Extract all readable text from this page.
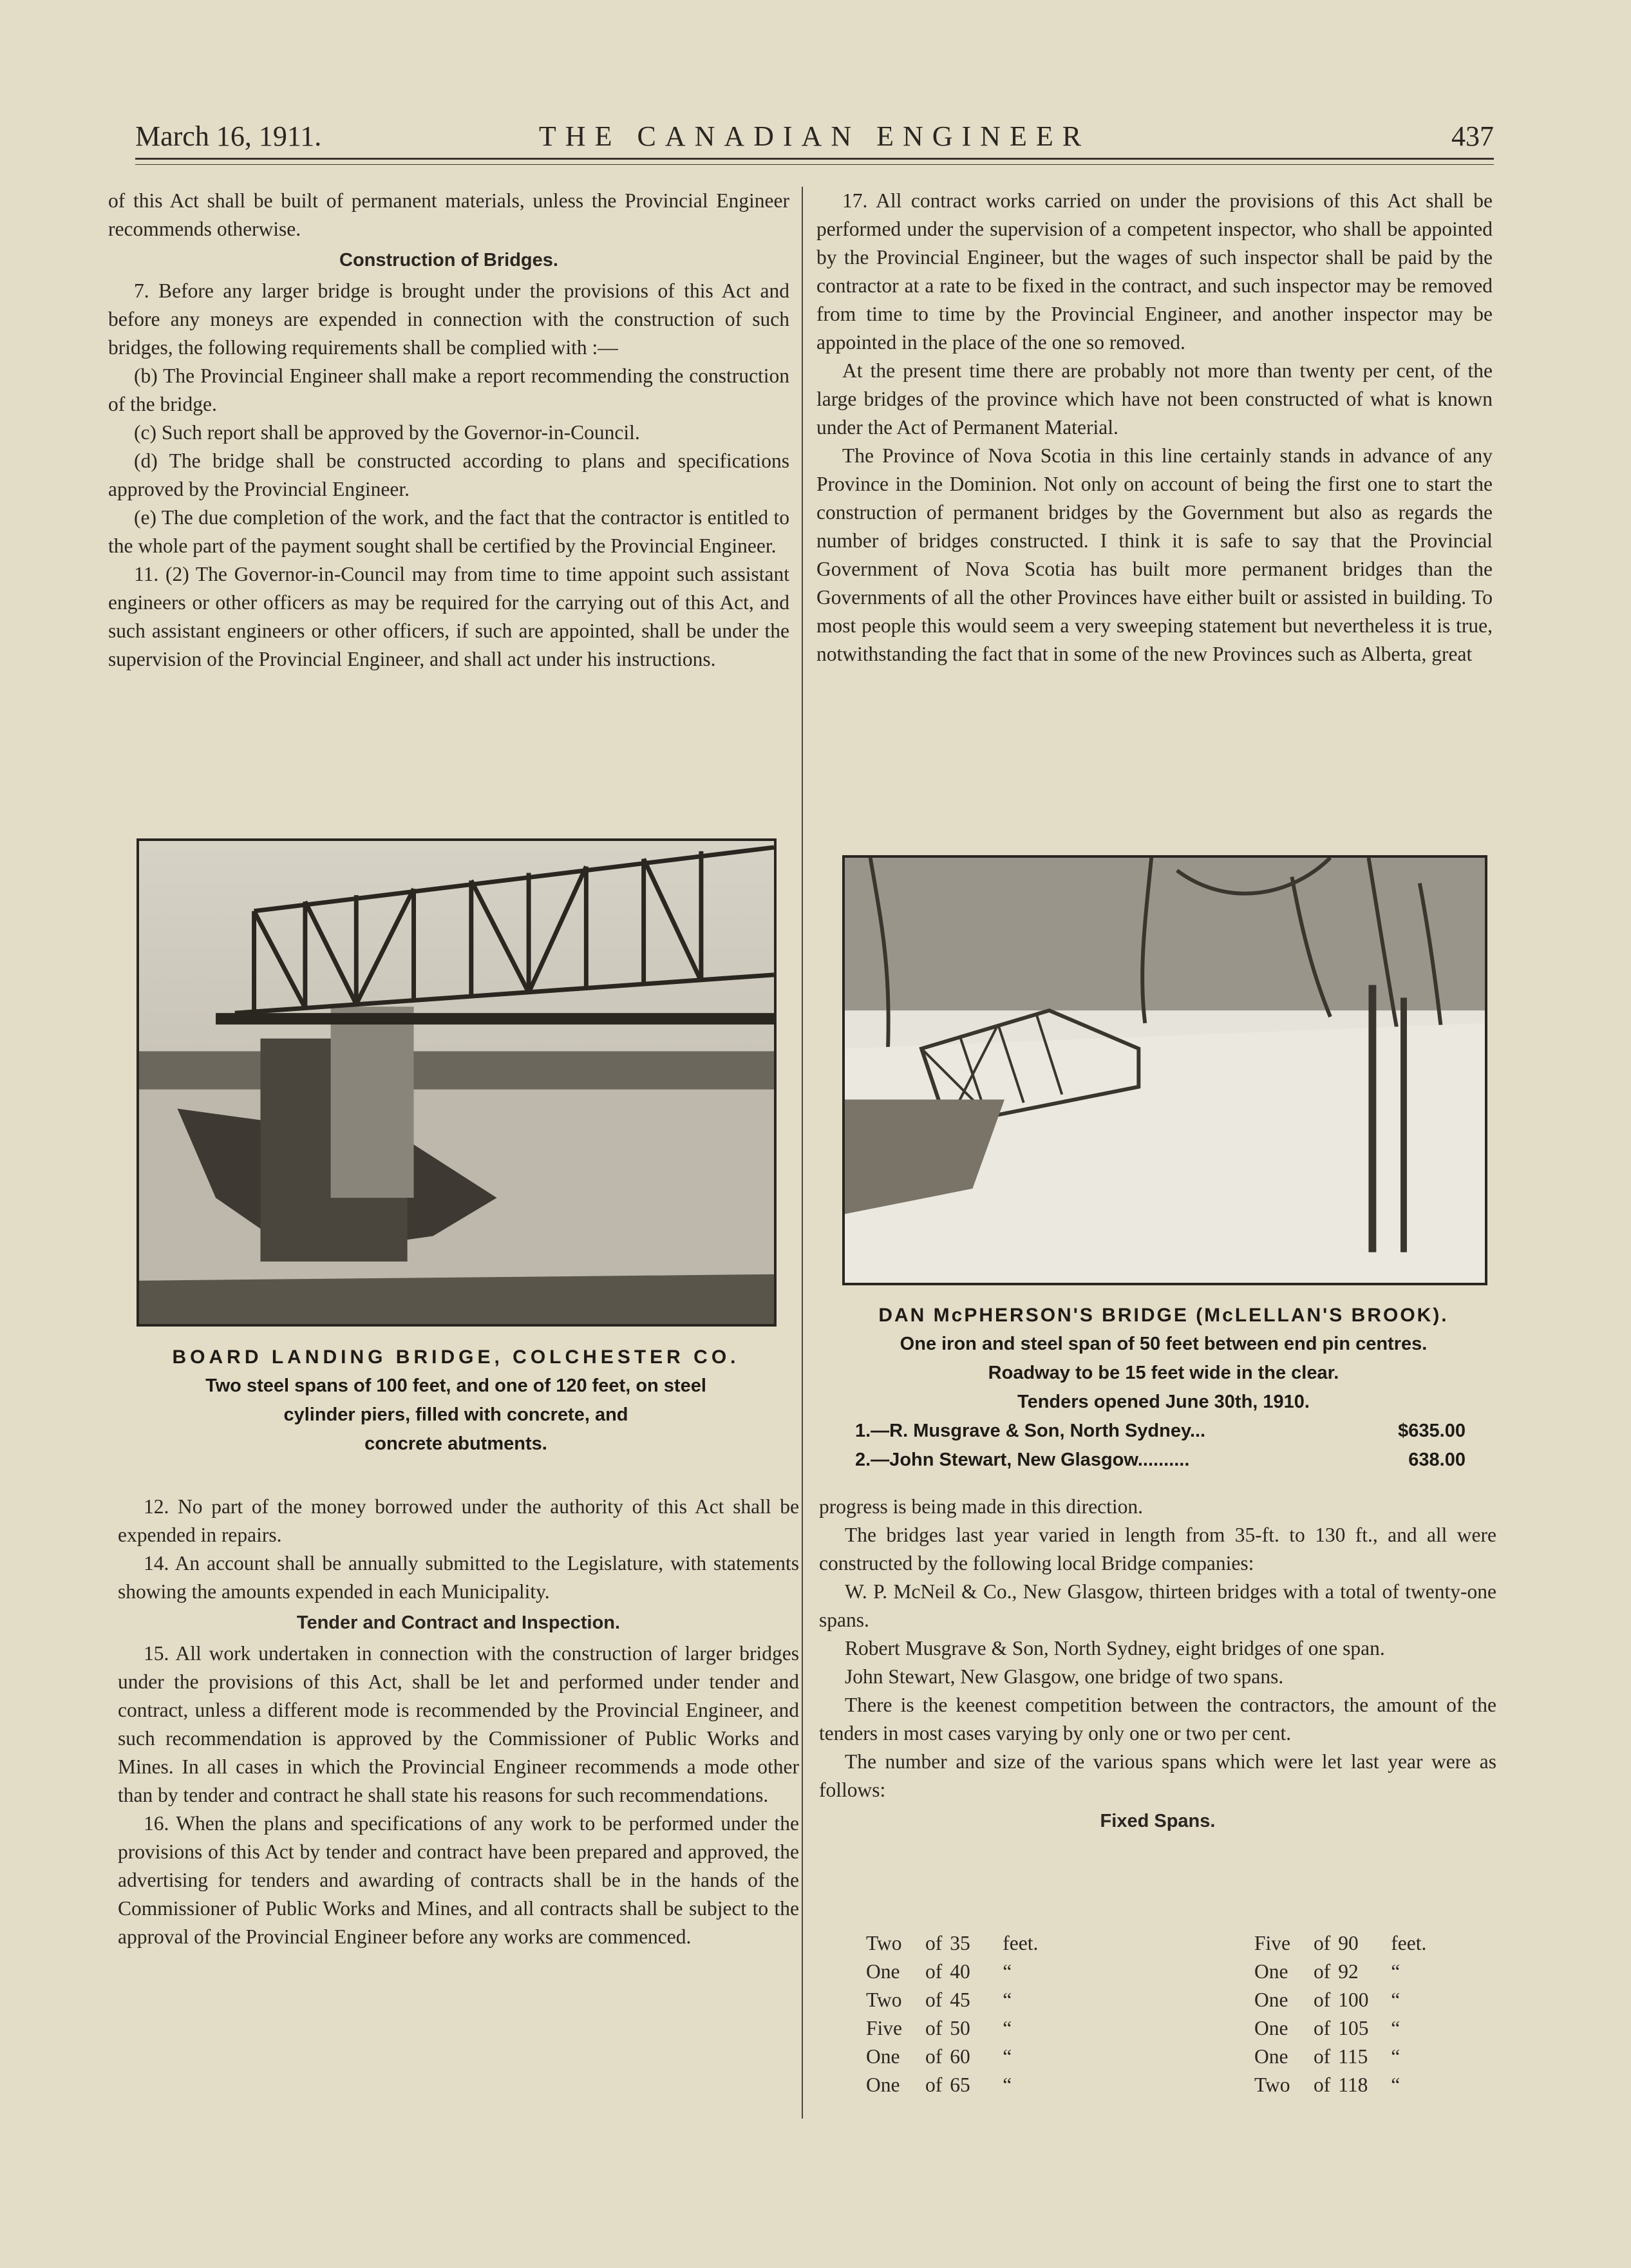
March 16, 1911.	THE CANADIAN ENGINEER	437

of this Act shall be built of permanent materials, unless the Provincial Engineer recommends otherwise.

Construction of Bridges.

7. Before any larger bridge is brought under the provisions of this Act and before any moneys are expended in connection with the construction of such bridges, the following requirements shall be complied with :—

(b) The Provincial Engineer shall make a report recommending the construction of the bridge.

(c) Such report shall be approved by the Governor-in-Council.

(d) The bridge shall be constructed according to plans and specifications approved by the Provincial Engineer.

(e) The due completion of the work, and the fact that the contractor is entitled to the whole part of the payment sought shall be certified by the Provincial Engineer.

11. (2) The Governor-in-Council may from time to time appoint such assistant engineers or other officers as may be required for the carrying out of this Act, and such assistant engineers or other officers, if such are appointed, shall be under the supervision of the Provincial Engineer, and shall act under his instructions.

BOARD LANDING BRIDGE, COLCHESTER CO.
Two steel spans of 100 feet, and one of 120 feet, on steel
cylinder piers, filled with concrete, and
concrete abutments.

12. No part of the money borrowed under the authority of this Act shall be expended in repairs.

14. An account shall be annually submitted to the Legislature, with statements showing the amounts expended in each Municipality.

Tender and Contract and Inspection.

15. All work undertaken in connection with the construction of larger bridges under the provisions of this Act, shall be let and performed under tender and contract, unless a different mode is recommended by the Provincial Engineer, and such recommendation is approved by the Commissioner of Public Works and Mines. In all cases in which the Provincial Engineer recommends a mode other than by tender and contract he shall state his reasons for such recommendations.

16. When the plans and specifications of any work to be performed under the provisions of this Act by tender and contract have been prepared and approved, the advertising for tenders and awarding of contracts shall be in the hands of the Commissioner of Public Works and Mines, and all contracts shall be subject to the approval of the Provincial Engineer before any works are commenced.

17. All contract works carried on under the provisions of this Act shall be performed under the supervision of a competent inspector, who shall be appointed by the Provincial Engineer, but the wages of such inspector shall be paid by the contractor at a rate to be fixed in the contract, and such inspector may be removed from time to time by the Provincial Engineer, and another inspector may be appointed in the place of the one so removed.

At the present time there are probably not more than twenty per cent, of the large bridges of the province which have not been constructed of what is known under the Act of Permanent Material.

The Province of Nova Scotia in this line certainly stands in advance of any Province in the Dominion. Not only on account of being the first one to start the construction of permanent bridges by the Government but also as regards the number of bridges constructed. I think it is safe to say that the Provincial Government of Nova Scotia has built more permanent bridges than the Governments of all the other Provinces have either built or assisted in building. To most people this would seem a very sweeping statement but nevertheless it is true, notwithstanding the fact that in some of the new Provinces such as Alberta, great

DAN McPHERSON'S BRIDGE (McLELLAN'S BROOK).
One iron and steel span of 50 feet between end pin centres.
Roadway to be 15 feet wide in the clear.
Tenders opened June 30th, 1910.
1.—R. Musgrave & Son, North Sydney...	$635.00
2.—John Stewart, New Glasgow..........	638.00

progress is being made in this direction.

The bridges last year varied in length from 35-ft. to 130 ft., and all were constructed by the following local Bridge companies:

W. P. McNeil & Co., New Glasgow, thirteen bridges with a total of twenty-one spans.

Robert Musgrave & Son, North Sydney, eight bridges of one span.

John Stewart, New Glasgow, one bridge of two spans.

There is the keenest competition between the contractors, the amount of the tenders in most cases varying by only one or two per cent.

The number and size of the various spans which were let last year were as follows:

Fixed Spans.

Two	of	35	feet.
One	of	40	“
Two	of	45	“
Five	of	50	“
One	of	60	“
One	of	65	“
Five	of	90	feet.
One	of	92	“
One	of	100	“
One	of	105	“
One	of	115	“
Two	of	118	“
